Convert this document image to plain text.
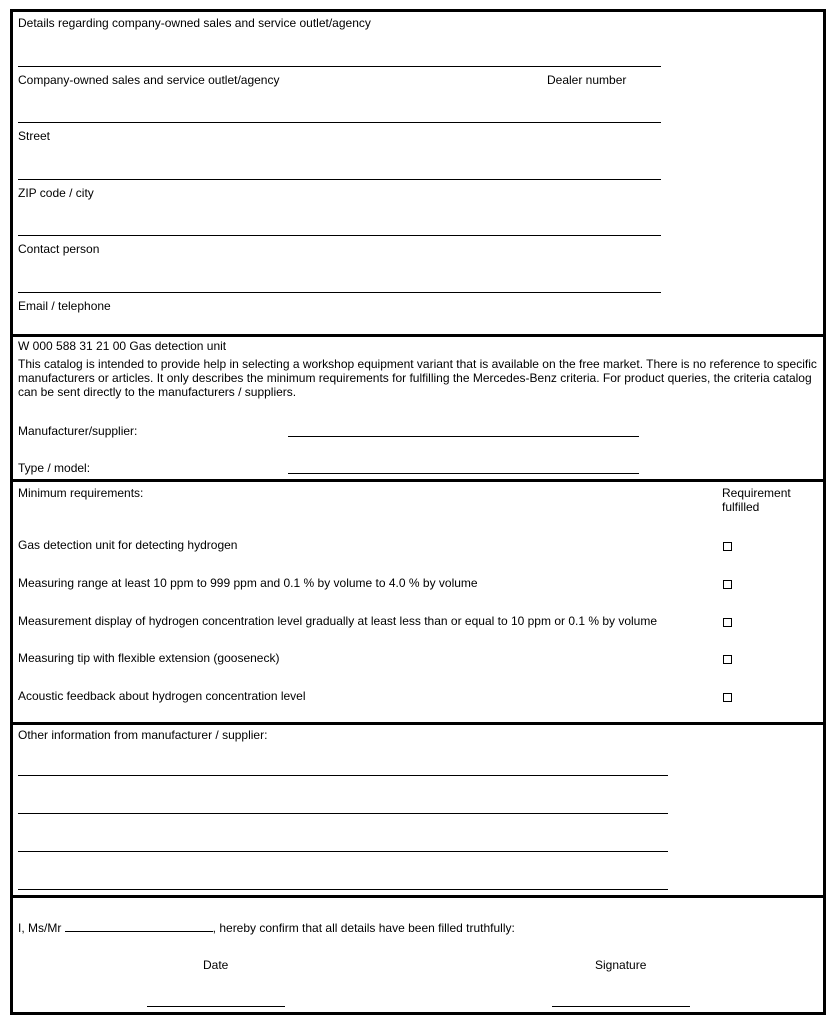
Details regarding company-owned sales and service outlet/agency
Company-owned sales and service outlet/agency	Dealer number
Street
ZIP code / city
Contact person
Email / telephone
W 000 588 31 21 00 Gas detection unit
This catalog is intended to provide help in selecting a workshop equipment variant that is available on the free market. There is no reference to specific manufacturers or articles. It only describes the minimum requirements for fulfilling the Mercedes-Benz criteria. For product queries, the criteria catalog can be sent directly to the manufacturers / suppliers.
Manufacturer/supplier:
Type / model:
Minimum requirements:	Requirement
fulfilled
Gas detection unit for detecting hydrogen
Measuring range at least 10 ppm to 999 ppm and 0.1 % by volume to 4.0 % by volume
Measurement display of hydrogen concentration level gradually at least less than or equal to 10 ppm or 0.1 % by volume
Measuring tip with flexible extension (gooseneck)
Acoustic feedback about hydrogen concentration level
Other information from manufacturer / supplier:
I, Ms/Mr	, hereby confirm that all details have been filled truthfully:
Date	Signature
